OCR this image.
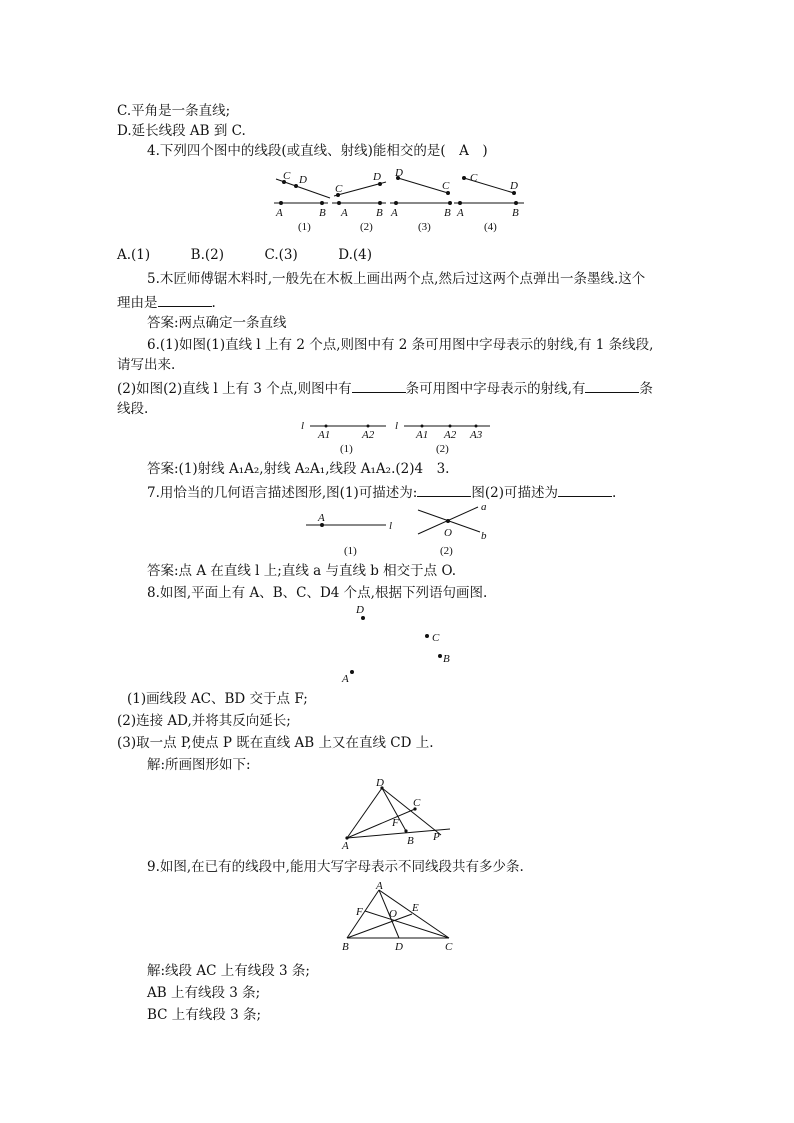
C.平角是一条直线;
D.延长线段 AB 到 C.
4.下列四个图中的线段(或直线、射线)能相交的是(　A　)
C D
A	B
C
D
A	B
D
C
A	B
C
D
A	B
(1)	(2)	(3)	(4)
A.(1)　　　B.(2)　　　C.(3)　　　D.(4)
5.木匠师傅锯木料时,一般先在木板上画出两个点,然后过这两个点弹出一条墨线.这个
理由是	.
答案:两点确定一条直线
6.(1)如图(1)直线 l 上有 2 个点,则图中有 2 条可用图中字母表示的射线,有 1 条线段,
请写出来.
(2)如图(2)直线 l 上有 3 个点,则图中有	条可用图中字母表示的射线,有	条
线段.
l	l
A1	A2	A1 A2 A3
(1)	(2)
答案:(1)射线 A₁A₂,射线 A₂A₁,线段 A₁A₂.(2)4　3.
7.用恰当的几何语言描述图形,图(1)可描述为:	图(2)可描述为	.
A
l
O
a
b
(1)	(2)
答案:点 A 在直线 l 上;直线 a 与直线 b 相交于点 O.
8.如图,平面上有 A、B、C、D4 个点,根据下列语句画图.
D
C
B
A
(1)画线段 AC、BD 交于点 F;
(2)连接 AD,并将其反向延长;
(3)取一点 P,使点 P 既在直线 AB 上又在直线 CD 上.
解:所画图形如下:
D
C
F
A	B P
9.如图,在已有的线段中,能用大写字母表示不同线段共有多少条.
A
F O E
B	D	C
解:线段 AC 上有线段 3 条;
AB 上有线段 3 条;
BC 上有线段 3 条;
